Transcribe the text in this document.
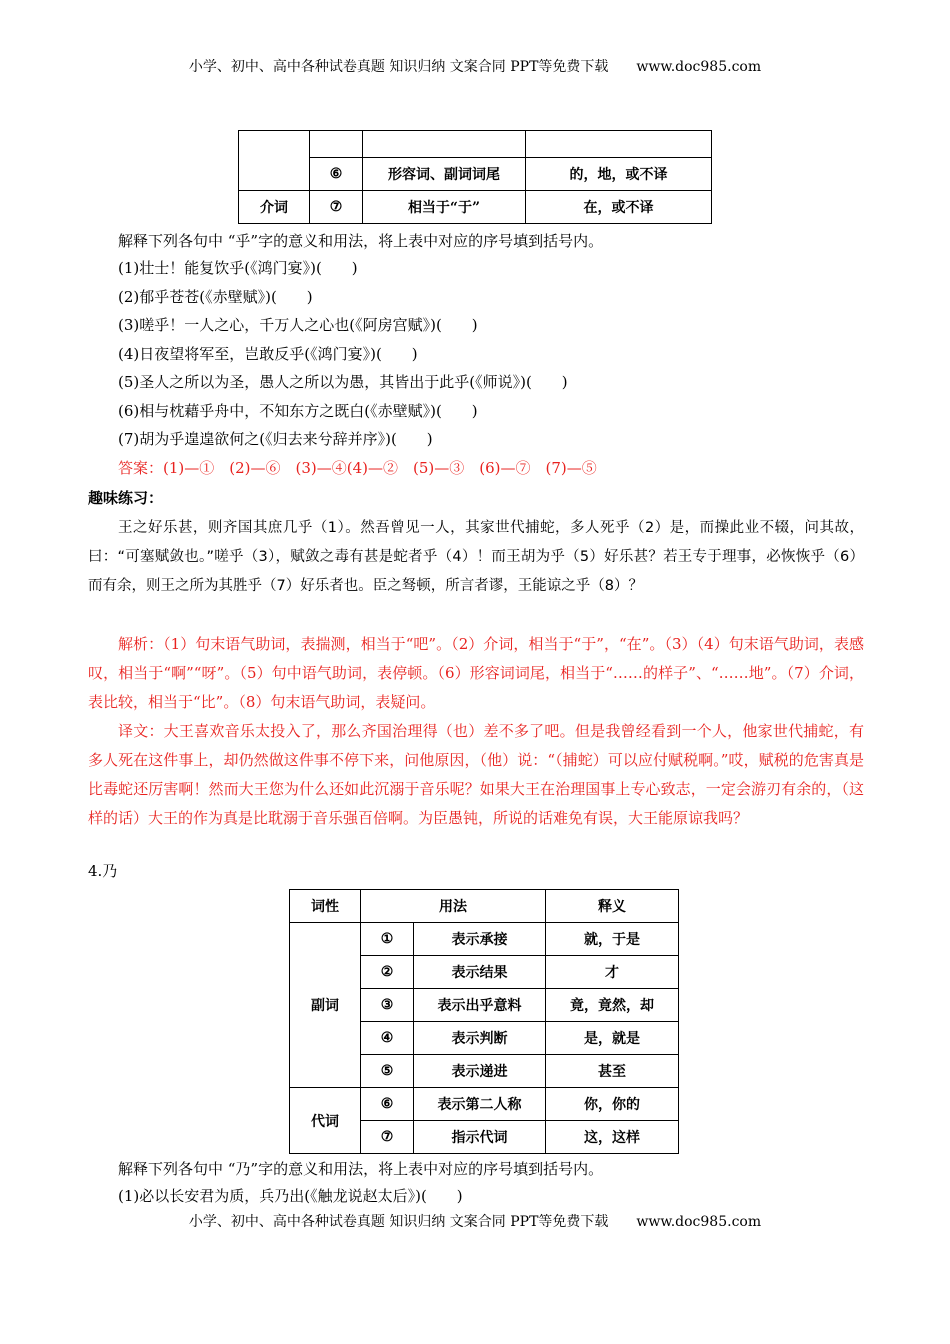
小学、初中、高中各种试卷真题 知识归纳 文案合同 PPT等免费下载 www.doc985.com

	⑥	形容词、副词词尾	的，地，或不译
介词	⑦	相当于“于”	在，或不译
解释下列各句中 “乎”字的意义和用法，将上表中对应的序号填到括号内。
(1)壮士！能复饮乎(《鸿门宴》)(　　)
(2)郁乎苍苍(《赤壁赋》)(　　)
(3)嗟乎！一人之心，千万人之心也(《阿房宫赋》)(　　)
(4)日夜望将军至，岂敢反乎(《鸿门宴》)(　　)
(5)圣人之所以为圣，愚人之所以为愚，其皆出于此乎(《师说》)(　　)
(6)相与枕藉乎舟中，不知东方之既白(《赤壁赋》)(　　)
(7)胡为乎遑遑欲何之(《归去来兮辞并序》)(　　)
答案：(1)—①　(2)—⑥　(3)—④(4)—②　(5)—③　(6)—⑦　(7)—⑤
趣味练习：
王之好乐甚，则齐国其庶几乎（1）。然吾曾见一人，其家世代捕蛇，多人死乎（2）是，而操此业不辍，问其故，曰：“可塞赋敛也。”嗟乎（3），赋敛之毒有甚是蛇者乎（4）！而王胡为乎（5）好乐甚？若王专于理事，必恢恢乎（6）而有余，则王之所为其胜乎（7）好乐者也。臣之驽顿，所言者谬，王能谅之乎（8）？
解析：（1）句末语气助词，表揣测，相当于“吧”。（2）介词，相当于“于”，“在”。（3）（4）句末语气助词，表感叹，相当于“啊”“呀”。（5）句中语气助词，表停顿。（6）形容词词尾，相当于“……的样子”、“……地”。（7）介词，表比较，相当于“比”。（8）句末语气助词，表疑问。
译文：大王喜欢音乐太投入了，那么齐国治理得（也）差不多了吧。但是我曾经看到一个人，他家世代捕蛇，有多人死在这件事上，却仍然做这件事不停下来，问他原因，（他）说：“（捕蛇）可以应付赋税啊。”哎，赋税的危害真是比毒蛇还厉害啊！然而大王您为什么还如此沉溺于音乐呢？如果大王在治理国事上专心致志，一定会游刃有余的，（这样的话）大王的作为真是比耽溺于音乐强百倍啊。为臣愚钝，所说的话难免有误，大王能原谅我吗？
4.乃
词性	用法		释义
副词	①	表示承接	就，于是
	②	表示结果	才
	③	表示出乎意料	竟，竟然，却
	④	表示判断	是，就是
	⑤	表示递进	甚至
代词	⑥	表示第二人称	你，你的
	⑦	指示代词	这，这样
解释下列各句中 “乃”字的意义和用法，将上表中对应的序号填到括号内。
(1)必以长安君为质，兵乃出(《触龙说赵太后》)(　　)
小学、初中、高中各种试卷真题 知识归纳 文案合同 PPT等免费下载 www.doc985.com
